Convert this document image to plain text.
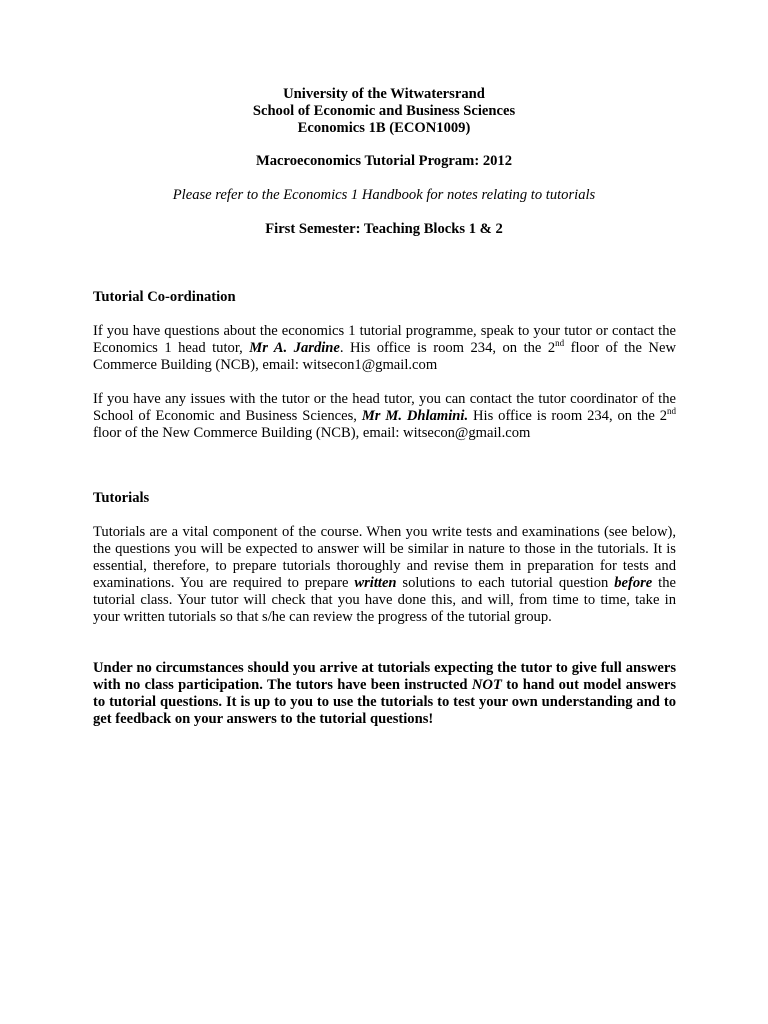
University of the Witwatersrand

School of Economic and Business Sciences

Economics 1B (ECON1009)

Macroeconomics Tutorial Program: 2012

Please refer to the Economics 1 Handbook for notes relating to tutorials

First Semester: Teaching Blocks 1 & 2

Tutorial Co-ordination

If you have questions about the economics 1 tutorial programme, speak to your tutor or contact the Economics 1 head tutor, Mr A. Jardine. His office is room 234, on the 2nd floor of the New Commerce Building (NCB), email: witsecon1@gmail.com

If you have any issues with the tutor or the head tutor, you can contact the tutor coordinator of the School of Economic and Business Sciences, Mr M. Dhlamini. His office is room 234, on the 2nd floor of the New Commerce Building (NCB), email: witsecon@gmail.com

Tutorials

Tutorials are a vital component of the course. When you write tests and examinations (see below), the questions you will be expected to answer will be similar in nature to those in the tutorials. It is essential, therefore, to prepare tutorials thoroughly and revise them in preparation for tests and examinations. You are required to prepare written solutions to each tutorial question before the tutorial class. Your tutor will check that you have done this, and will, from time to time, take in your written tutorials so that s/he can review the progress of the tutorial group.

Under no circumstances should you arrive at tutorials expecting the tutor to give full answers with no class participation. The tutors have been instructed NOT to hand out model answers to tutorial questions. It is up to you to use the tutorials to test your own understanding and to get feedback on your answers to the tutorial questions!
